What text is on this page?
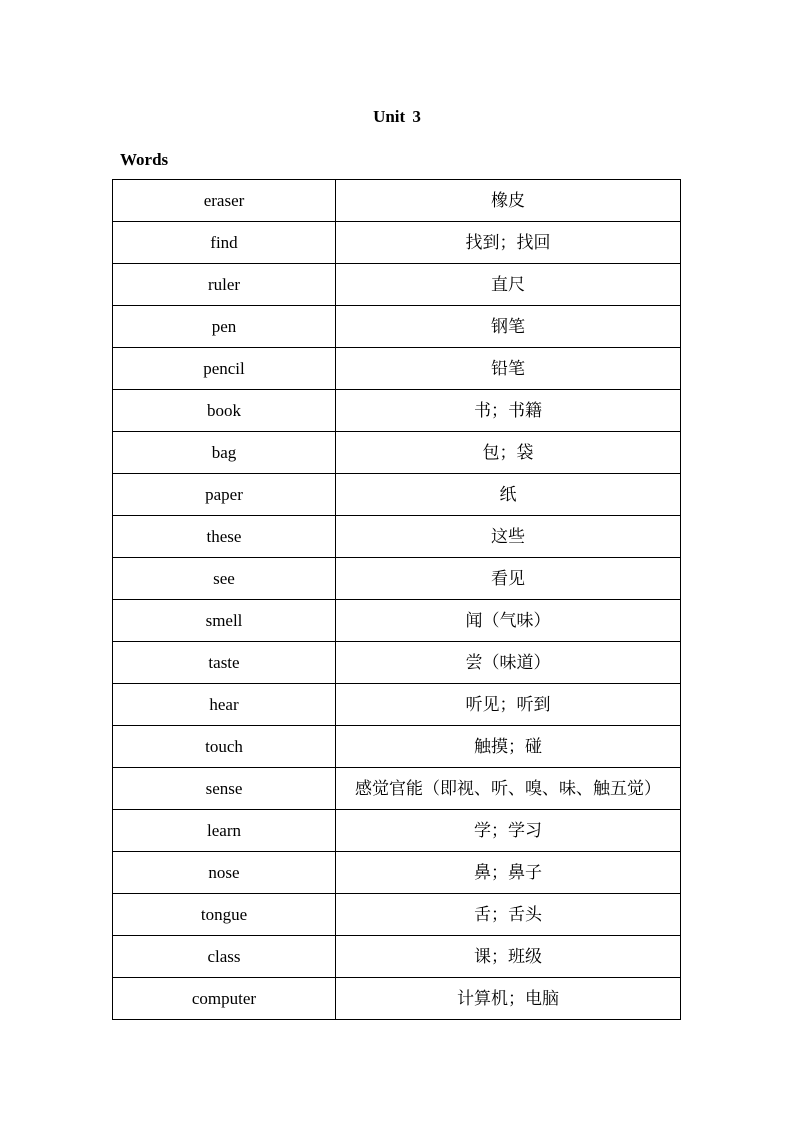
Unit 3
Words
eraser	橡皮
find	找到；找回
ruler	直尺
pen	钢笔
pencil	铅笔
book	书；书籍
bag	包；袋
paper	纸
these	这些
see	看见
smell	闻（气味）
taste	尝（味道）
hear	听见；听到
touch	触摸；碰
sense	感觉官能（即视、听、嗅、味、触五觉）
learn	学；学习
nose	鼻；鼻子
tongue	舌；舌头
class	课；班级
computer	计算机；电脑
